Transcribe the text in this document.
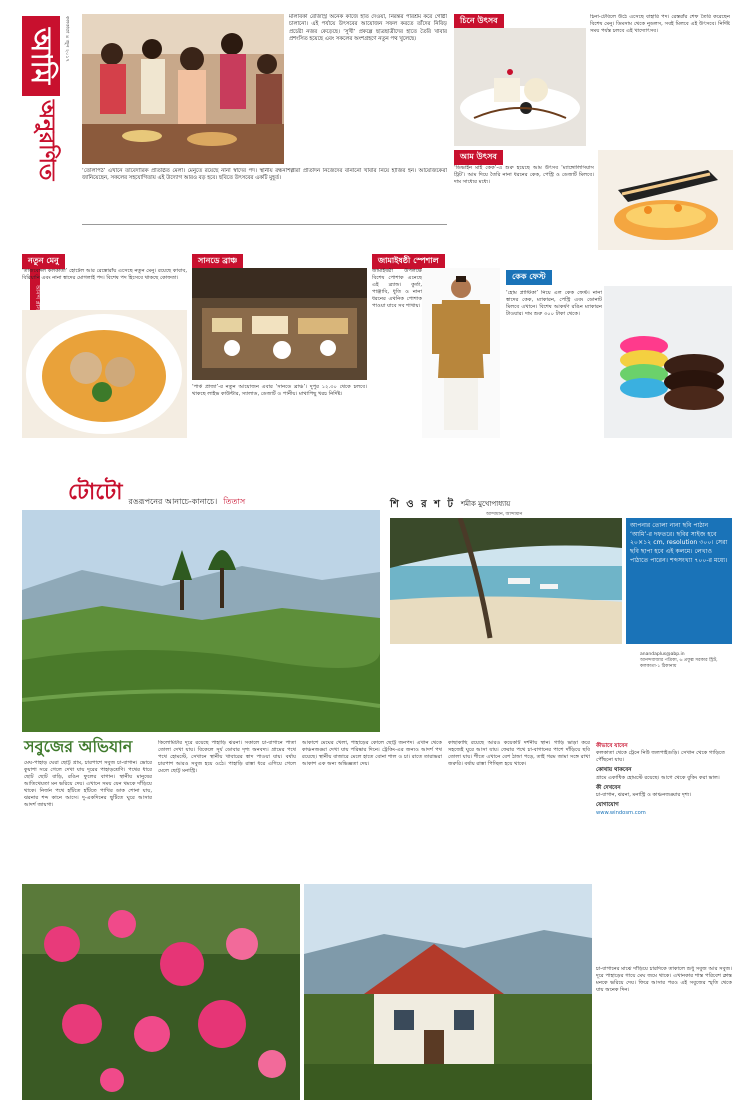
আমি	কলকাতা ৪ জুন ২০১৭
অনুরণিত
আনন্দ প্লাস
মালবিকা রেজিস্ট্রি অনেক কাজে হাত দেওয়া, নিরন্তর পরিশ্রম করে গোষ্ঠী চালানো। এই পর্যায়ে উৎসবের আয়োজন সফল করতে তাঁদের নিবিড় প্রচেষ্টা নজর কেড়েছে। ‘সুখী’ প্রকল্পে ছাত্রছাত্রীদের হাতে তৈরি খাবার প্রশংসিত হয়েছে এবং সকলের অংশগ্রহণে নতুন পথ খুলেছে।
‘তেলিপিঠ’ এখানে তাবেদারিক প্রতিষ্ঠিত মেলা। মেনুতে রয়েছে নানা স্বাদের পদ। স্থানীয় রন্ধনশিল্পীরা প্রতিদিন নিজেদের বানানো খাবার নিয়ে হাজির হন। আয়োজকেরা জানিয়েছেন, সকলের সহযোগিতায় এই উদ্যোগ আরও বড় হবে। ছবিতে উৎসবের একটি মুহূর্ত।
চিনে উৎসব	চিনা-টেবিলে উঠে এসেছে বাহারি পদ। রেস্তরাঁর শেফ তৈরি করেছেন বিশেষ মেনু। ডিমসাম থেকে নুডলস, সবই মিলবে এই উৎসবে। নির্দিষ্ট সময় পর্যন্ত চলবে এই খাদ্যোৎসব।
আম উৎসব
‘ডিভাইন মাই কেক’-এ শুরু হয়েছে আম উৎসব ‘ম্যাঙ্গোলিসিয়াস ট্রিট’। আম দিয়ে তৈরি নানা ধরনের কেক, পেস্ট্রি ও ডেজার্ট মিলবে। দাম সাধ্যের মধ্যে।
নতুন মেনু
‘তাজবেঙ্গল কলকাতা’ হোটেল আর রেস্তোরাঁয় এসেছে নতুন মেনু। রয়েছে কাবাব, বিরিয়ানি এবং নানা স্বাদের মোগলাই পদ। বিশেষ পদ হিসেবে থাকছে কোফতা।
সানডে ব্রাঞ্চ
‘পার্ক প্রাজা’-র নতুন আয়োজন এবার ‘সানডে ব্রাঞ্চ’। দুপুর ১২.৩০ থেকে চলবে। থাকছে লাইভ কাউন্টার, স্যালাড, ডেজার্ট ও পানীয়। মাথাপিছু খরচ নির্দিষ্ট।
জামাইষষ্ঠী স্পেশাল
জামাইষষ্ঠী উপলক্ষে বিশেষ পোশাক এনেছে এই ব্র্যান্ড। কুর্তা, পাঞ্জাবি, ধুতি ও নানা ধরনের এথনিক পোশাক পাওয়া যাবে সব শাখায়।
কেক ফেস্ট
‘হোম প্লাস্টিকা’ নিয়ে এল কেক ফেস্ট। নানা স্বাদের কেক, ম্যাকারন, পেস্ট্রি এবং ডোনাট মিলবে এখানে। বিশেষ আকর্ষণ রঙিন ম্যাকারন টাওয়ার। দাম শুরু ৩০০ টাকা থেকে।
টোটো রঙরূপনের আনাচে-কানাচে। তিতাস	শি ও র শ ট শমীক মুখোপাধ্যায়
আন্দামান, আন্দামান
আপনার তোলা নানা ছবি পাঠান ‘আমি’-র দফতরে। ছবির সাইজ হবে ২০×১২ cm, resolution ৩০০। সেরা ছবি ছাপা হবে এই কলমে। লেখাও পাঠাতে পারেন। শব্দসংখ্যা ৭০০-র মধ্যে।
anandaplus@abp.in
আনন্দবাজার পত্রিকা, ৬ প্রফুল্ল সরকার স্ট্রিট, কলকাতা-১ ঠিকানায়
সবুজের অভিযান
মেঘ-পাহাড় ঘেরা ছোট্ট গ্রাম, চারপাশে সবুজ চা-বাগান। ভোরে কুয়াশা সরে গেলে দেখা যায় দূরের পাহাড়শ্রেণি। পথের ধারে ছোট ছোট বাড়ি, রঙিন ফুলের বাগান। স্থানীয় মানুষের আতিথেয়তা মন ভরিয়ে দেয়। এখানে সময় যেন থমকে দাঁড়িয়ে থাকে। নির্জন পথে হাঁটতে হাঁটতে পাখির ডাক শোনা যায়, ঝরনার শব্দ কানে আসে। দু-একদিনের ছুটিতে ঘুরে আসার আদর্শ জায়গা।
কিলোমিটার দূরে রয়েছে পাহাড়ি ঝরনা। সকালে চা-বাগানে পাতা তোলা দেখা যায়। বিকেলে সূর্য ডোবার দৃশ্য অনবদ্য। গ্রামের পথে পথে হোমস্টে, সেখানে স্থানীয় খাবারের স্বাদ পাওয়া যায়। বর্ষায় চারপাশ আরও সবুজ হয়ে ওঠে। পাহাড়ি রাস্তা ধরে এগিয়ে গেলে মেলে ছোট্ট মনাস্ট্রি।
আকাশে মেঘের খেলা, পাহাড়ের কোলে ছোট্ট জনপদ। এখান থেকে কাঞ্চনজঙ্ঘা দেখা যায় পরিষ্কার দিনে। ট্রেকিং-এর জন্যও আদর্শ পথ রয়েছে। স্থানীয় বাজারে মেলে হাতে বোনা শাল ও চা। রাতে তারাভরা আকাশ এক অন্য অভিজ্ঞতা দেয়।
কাছাকাছি রয়েছে আরও কয়েকটি দর্শনীয় স্থান। গাড়ি ভাড়া করে সহজেই ঘুরে আসা যায়। ফেরার পথে চা-বাগানের পাশে দাঁড়িয়ে ছবি তোলা যায়। শীতে এখানে বেশ ঠান্ডা পড়ে, তাই গরম জামা সঙ্গে রাখা জরুরি। বর্ষায় রাস্তা পিচ্ছিল হয়ে থাকে।
কীভাবে যাবেন
কলকাতা থেকে ট্রেনে নিউ জলপাইগুড়ি। সেখান থেকে গাড়িতে পৌঁছনো যায়।
কোথায় থাকবেন
গ্রামে একাধিক হোমস্টে রয়েছে। আগে থেকে বুকিং করা ভাল।
কী দেখবেন
চা-বাগান, ঝরনা, মনাস্ট্রি ও কাঞ্চনজঙ্ঘার দৃশ্য।
যোগাযোগ
www.windosm.com
চা-বাগানের মাঝে দাঁড়িয়ে চারদিকে তাকালে শুধু সবুজ আর সবুজ। দূরে পাহাড়ের গায়ে মেঘ জমে থাকে। এখানকার শান্ত পরিবেশ ক্লান্ত মনকে ভরিয়ে দেয়। ফিরে আসার পরও এই সবুজের স্মৃতি থেকে যায় অনেক দিন।
